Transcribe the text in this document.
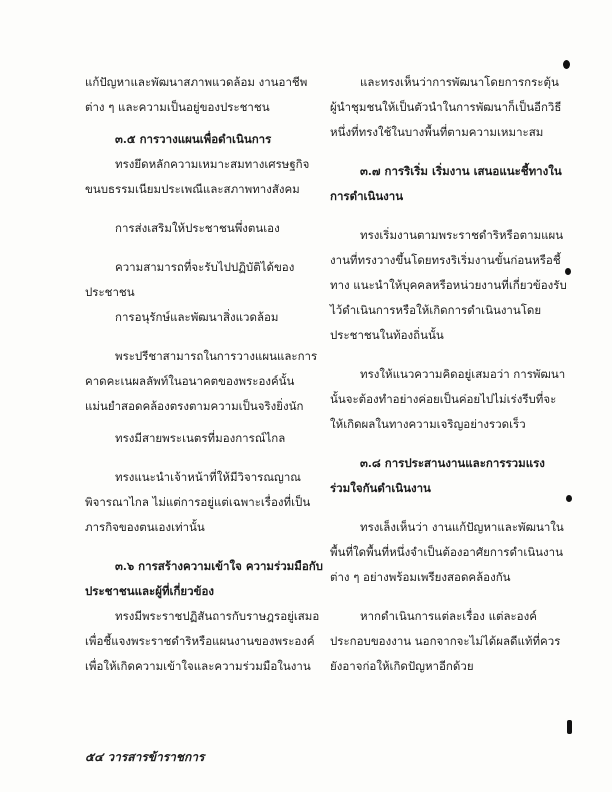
แก้ปัญหาและพัฒนาสภาพแวดล้อม งานอาชีพต่าง ๆ และความเป็นอยู่ของประชาชน

๓.๕ การวางแผนเพื่อดำเนินการ

ทรงยึดหลักความเหมาะสมทางเศรษฐกิจ ขนบธรรมเนียมประเพณีและสภาพทางสังคม

การส่งเสริมให้ประชาชนพึ่งตนเอง

ความสามารถที่จะรับไปปฏิบัติได้ของประชาชน

การอนุรักษ์และพัฒนาสิ่งแวดล้อม

พระปรีชาสามารถในการวางแผนและการคาดคะเนผลลัพท์ในอนาคตของพระองค์นั้นแม่นยำสอดคล้องตรงตามความเป็นจริงยิ่งนัก

ทรงมีสายพระเนตรที่มองการณ์ไกล

ทรงแนะนำเจ้าหน้าที่ให้มีวิจารณญาณพิจารณาไกล ไม่แต่การอยู่แต่เฉพาะเรื่องที่เป็นภารกิจของตนเองเท่านั้น

๓.๖ การสร้างความเข้าใจ ความร่วมมือกับประชาชนและผู้ที่เกี่ยวข้อง

ทรงมีพระราชปฏิสันถารกับราษฎรอยู่เสมอเพื่อชี้แจงพระราชดำริหรือแผนงานของพระองค์เพื่อให้เกิดความเข้าใจและความร่วมมือในงาน

และทรงเห็นว่าการพัฒนาโดยการกระตุ้นผู้นำชุมชนให้เป็นตัวนำในการพัฒนาก็เป็นอีกวิธีหนึ่งที่ทรงใช้ในบางพื้นที่ตามความเหมาะสม

๓.๗ การริเริ่ม เริ่มงาน เสนอแนะชี้ทางในการดำเนินงาน

ทรงเริ่มงานตามพระราชดำริหรือตามแผนงานที่ทรงวางขึ้นโดยทรงริเริ่มงานขั้นก่อนหรือชี้ทาง แนะนำให้บุคคลหรือหน่วยงานที่เกี่ยวข้องรับไว้ดำเนินการหรือให้เกิดการดำเนินงานโดยประชาชนในท้องถิ่นนั้น

ทรงให้แนวความคิดอยู่เสมอว่า การพัฒนานั้นจะต้องทำอย่างค่อยเป็นค่อยไปไม่เร่งรีบที่จะให้เกิดผลในทางความเจริญอย่างรวดเร็ว

๓.๘ การประสานงานและการรวมแรงร่วมใจกันดำเนินงาน

ทรงเล็งเห็นว่า งานแก้ปัญหาและพัฒนาในพื้นที่ใดพื้นที่หนึ่งจำเป็นต้องอาศัยการดำเนินงานต่าง ๆ อย่างพร้อมเพรียงสอดคล้องกัน

หากดำเนินการแต่ละเรื่อง แต่ละองค์ประกอบของงาน นอกจากจะไม่ได้ผลดีแท้ที่ควรยังอาจก่อให้เกิดปัญหาอีกด้วย

๕๔ วารสารข้าราชการ
